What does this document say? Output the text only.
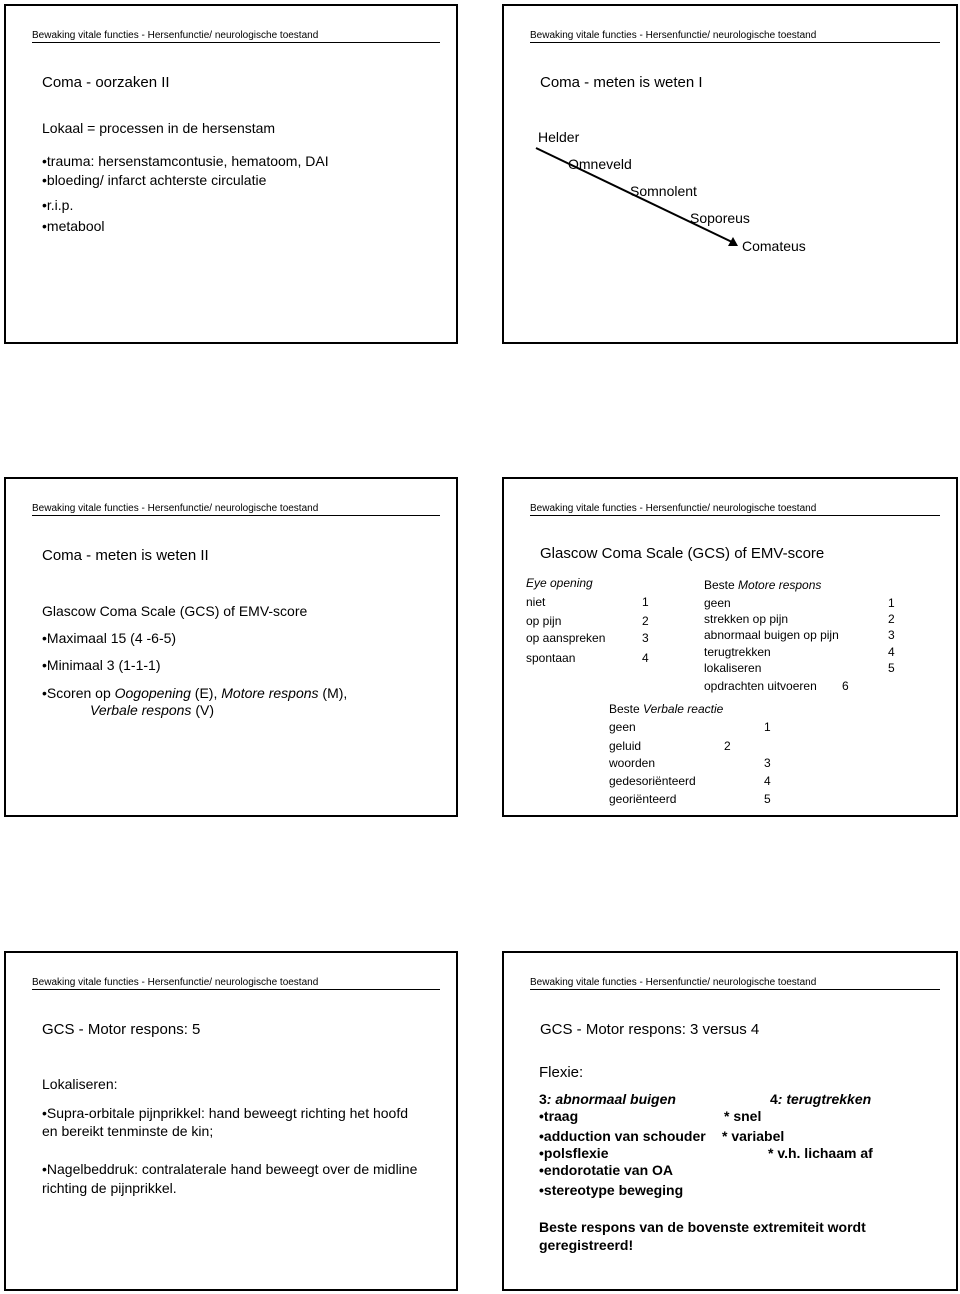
Bewaking vitale functies - Hersenfunctie/ neurologische toestand
Coma - oorzaken II
Lokaal = processen in de hersenstam
• trauma: hersenstamcontusie, hematoom, DAI
• bloeding/ infarct achterste circulatie
• r.i.p.
• metabool
Bewaking vitale functies - Hersenfunctie/ neurologische toestand
Coma - meten is weten I
Helder
Omneveld
Somnolent
Soporeus
Comateus
Bewaking vitale functies - Hersenfunctie/ neurologische toestand
Coma - meten is weten II
Glascow Coma Scale (GCS) of EMV-score
• Maximaal 15 (4 -6-5)
• Minimaal 3 (1-1-1)
• Scoren op Oogopening (E), Motore respons (M),
Verbale respons (V)
Bewaking vitale functies - Hersenfunctie/ neurologische toestand
Glascow Coma Scale (GCS) of EMV-score
Eye opening
niet	1
op pijn	2
op aanspreken	3
spontaan	4
Beste Motore respons
geen	1
strekken op pijn	2
abnormaal buigen op pijn	3
terugtrekken	4
lokaliseren	5
opdrachten uitvoeren 6
Beste Verbale reactie
geen	1
geluid	2
woorden	3
gedesoriënteerd	4
georiënteerd	5
Bewaking vitale functies - Hersenfunctie/ neurologische toestand
GCS - Motor respons: 5
Lokaliseren:
• Supra-orbitale pijnprikkel: hand beweegt richting het hoofd en bereikt tenminste de kin;
• Nagelbeddruk: contralaterale hand beweegt over de midline richting de pijnprikkel.
Bewaking vitale functies - Hersenfunctie/ neurologische toestand
GCS - Motor respons: 3 versus 4
Flexie:
3: abnormaal buigen	4: terugtrekken
• traag	* snel
• adduction van schouder * variabel
• polsflexie	* v.h. lichaam af
• endorotatie van OA
• stereotype beweging
Beste respons van de bovenste extremiteit wordt geregistreerd!
